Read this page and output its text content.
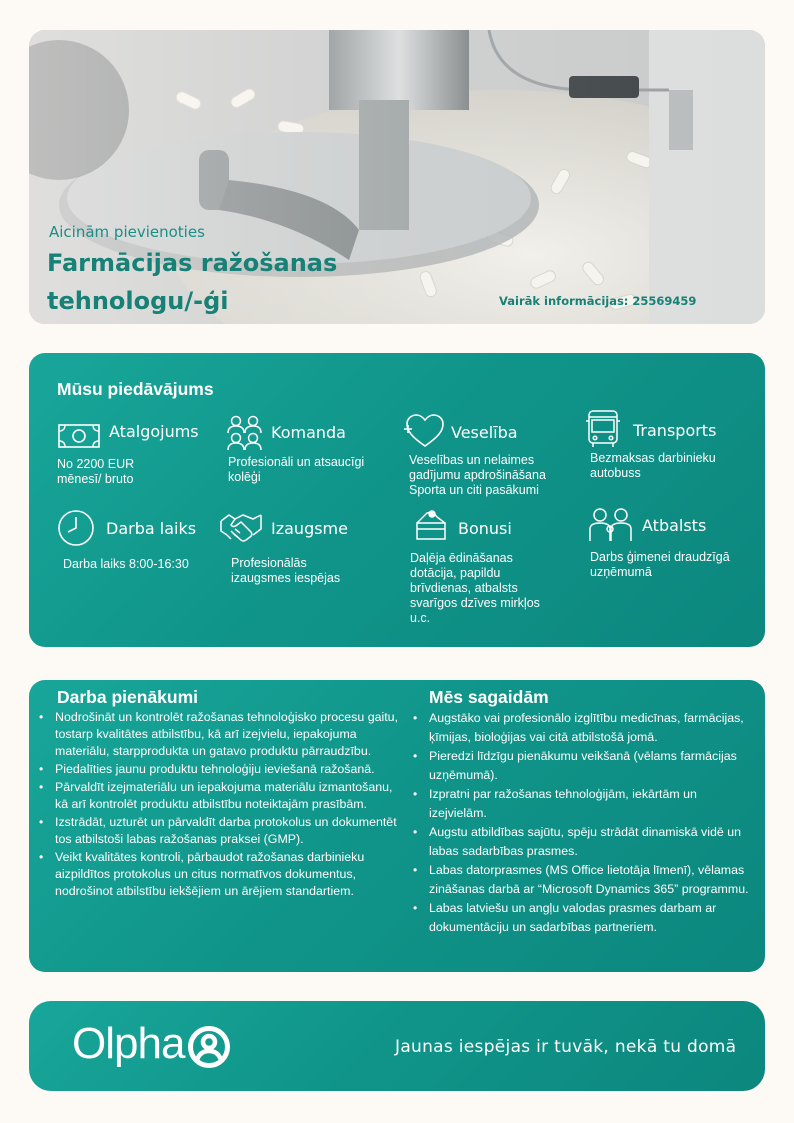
Aicinām pievienoties
Farmācijas ražošanas
tehnologu/-ģi	Vairāk informācijas: 25569459
Mūsu piedāvājums
Atalgojums
No 2200 EUR
mēnesī/ bruto
Komanda
Profesionāli un atsaucīgi
kolēģi
Veselība
Veselības un nelaimes
gadījumu apdrošināšana
Sporta un citi pasākumi
Transports
Bezmaksas darbinieku
autobuss
Darba laiks
Darba laiks 8:00-16:30
Izaugsme
Profesionālās
izaugsmes iespējas
Bonusi
Daļēja ēdināšanas
dotācija, papildu
brīvdienas, atbalsts
svarīgos dzīves mirkļos
u.c.
Atbalsts
Darbs ģimenei draudzīgā
uzņēmumā
Darba pienākumi
• Nodrošināt un kontrolēt ražošanas tehnoloģisko procesu gaitu, tostarp kvalitātes atbilstību, kā arī izejvielu, iepakojuma materiālu, starpprodukta un gatavo produktu pārraudzību.
• Piedalīties jaunu produktu tehnoloģiju ieviešanā ražošanā.
• Pārvaldīt izejmateriālu un iepakojuma materiālu izmantošanu, kā arī kontrolēt produktu atbilstību noteiktajām prasībām.
• Izstrādāt, uzturēt un pārvaldīt darba protokolus un dokumentēt tos atbilstoši labas ražošanas praksei (GMP).
• Veikt kvalitātes kontroli, pārbaudot ražošanas darbinieku aizpildītos protokolus un citus normatīvos dokumentus, nodrošinot atbilstību iekšējiem un ārējiem standartiem.
Mēs sagaidām
• Augstāko vai profesionālo izglītību medicīnas, farmācijas, ķīmijas, bioloģijas vai citā atbilstošā jomā.
• Pieredzi līdzīgu pienākumu veikšanā (vēlams farmācijas uzņēmumā).
• Izpratni par ražošanas tehnoloģijām, iekārtām un izejvielām.
• Augstu atbildības sajūtu, spēju strādāt dinamiskā vidē un labas sadarbības prasmes.
• Labas datorprasmes (MS Office lietotāja līmenī), vēlamas zināšanas darbā ar “Microsoft Dynamics 365” programmu.
• Labas latviešu un angļu valodas prasmes darbam ar dokumentāciju un sadarbības partneriem.
Olpha	Jaunas iespējas ir tuvāk, nekā tu domā
